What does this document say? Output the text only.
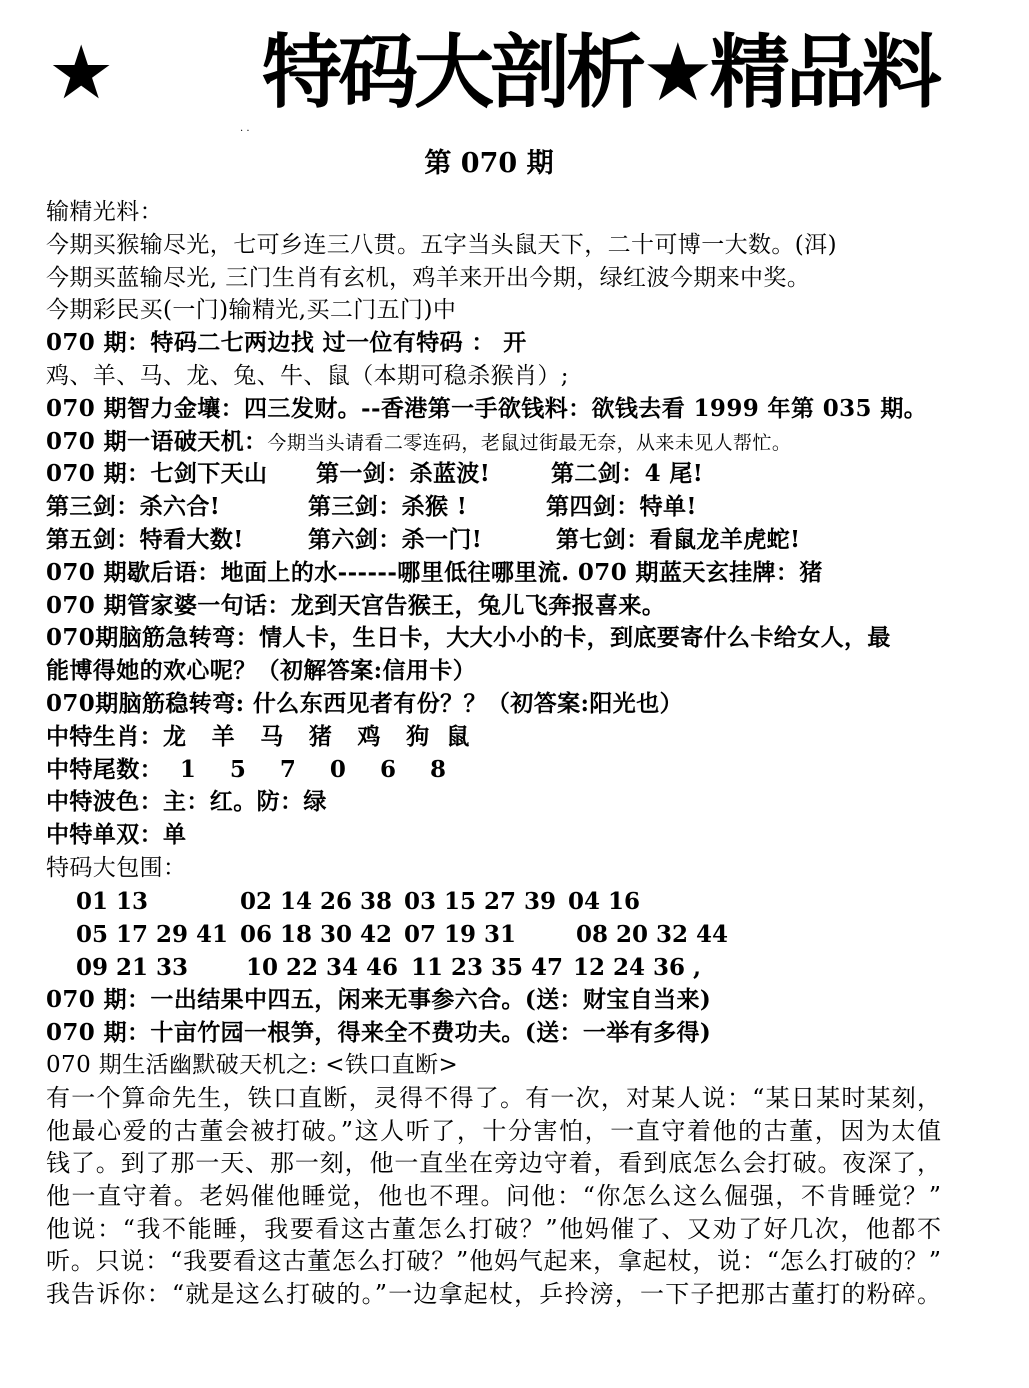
★ 特码大剖析★精品料
. .
第 070 期
输精光料：
今期买猴输尽光，七可乡连三八贯。五字当头鼠天下，二十可博一大数。(洱)
今期买蓝输尽光, 三门生肖有玄机，鸡羊来开出今期，绿红波今期来中奖。
今期彩民买(一门)输精光,买二门五门)中
070 期：特码二七两边找 过一位有特码 ： 开
鸡、羊、马、龙、兔、牛、鼠（本期可稳杀猴肖）;
070 期智力金壤：四三发财。--香港第一手欲钱料：欲钱去看 1999 年第 035 期。
070 期一语破天机：今期当头请看二零连码，老鼠过街最无奈，从来未见人帮忙。
070 期：七剑下天山 第一剑：杀蓝波!	第二剑：4 尾!
第三剑：杀六合!	第三剑：杀猴 !	第四剑：特单!
第五剑：特看大数!	第六剑：杀一门!	第七剑：看鼠龙羊虎蛇!
070 期歇后语：地面上的水------哪里低往哪里流. 070 期蓝天玄挂牌：猪
070 期管家婆一句话：龙到天宫告猴王，兔儿飞奔报喜来。
070期脑筋急转弯：情人卡，生日卡，大大小小的卡，到底要寄什么卡给女人，最
能博得她的欢心呢？（初解答案:信用卡）
070期脑筋稳转弯: 什么东西见者有份？？（初答案:阳光也）
中特生肖：龙   羊   马   猪   鸡   狗  鼠
中特尾数：  1    5    7    0    6    8
中特波色：主：红。防：绿
中特单双：单
特码大包围：
01 13	02 14 26 38 03 15 27 39 04 16
05 17 29 41 06 18 30 42 07 19 31	08 20 32 44
09 21 33	10 22 34 46 11 23 35 47 12 24 36 ,
070 期：一出结果中四五，闲来无事参六合。(送：财宝自当来)
070 期：十亩竹园一根笋，得来全不费功夫。(送：一举有多得)
070 期生活幽默破天机之: <铁口直断>
有一个算命先生，铁口直断，灵得不得了。有一次，对某人说：“某日某时某刻，
他最心爱的古董会被打破。”这人听了，十分害怕，一直守着他的古董，因为太值
钱了。到了那一天、那一刻，他一直坐在旁边守着，看到底怎么会打破。夜深了，
他一直守着。老妈催他睡觉，他也不理。问他：“你怎么这么倔强，不肯睡觉？”
他说：“我不能睡，我要看这古董怎么打破？”他妈催了、又劝了好几次，他都不
听。只说：“我要看这古董怎么打破？”他妈气起来，拿起杖，说：“怎么打破的？”
我告诉你：“就是这么打破的。”一边拿起杖，乒拎滂，一下子把那古董打的粉碎。
